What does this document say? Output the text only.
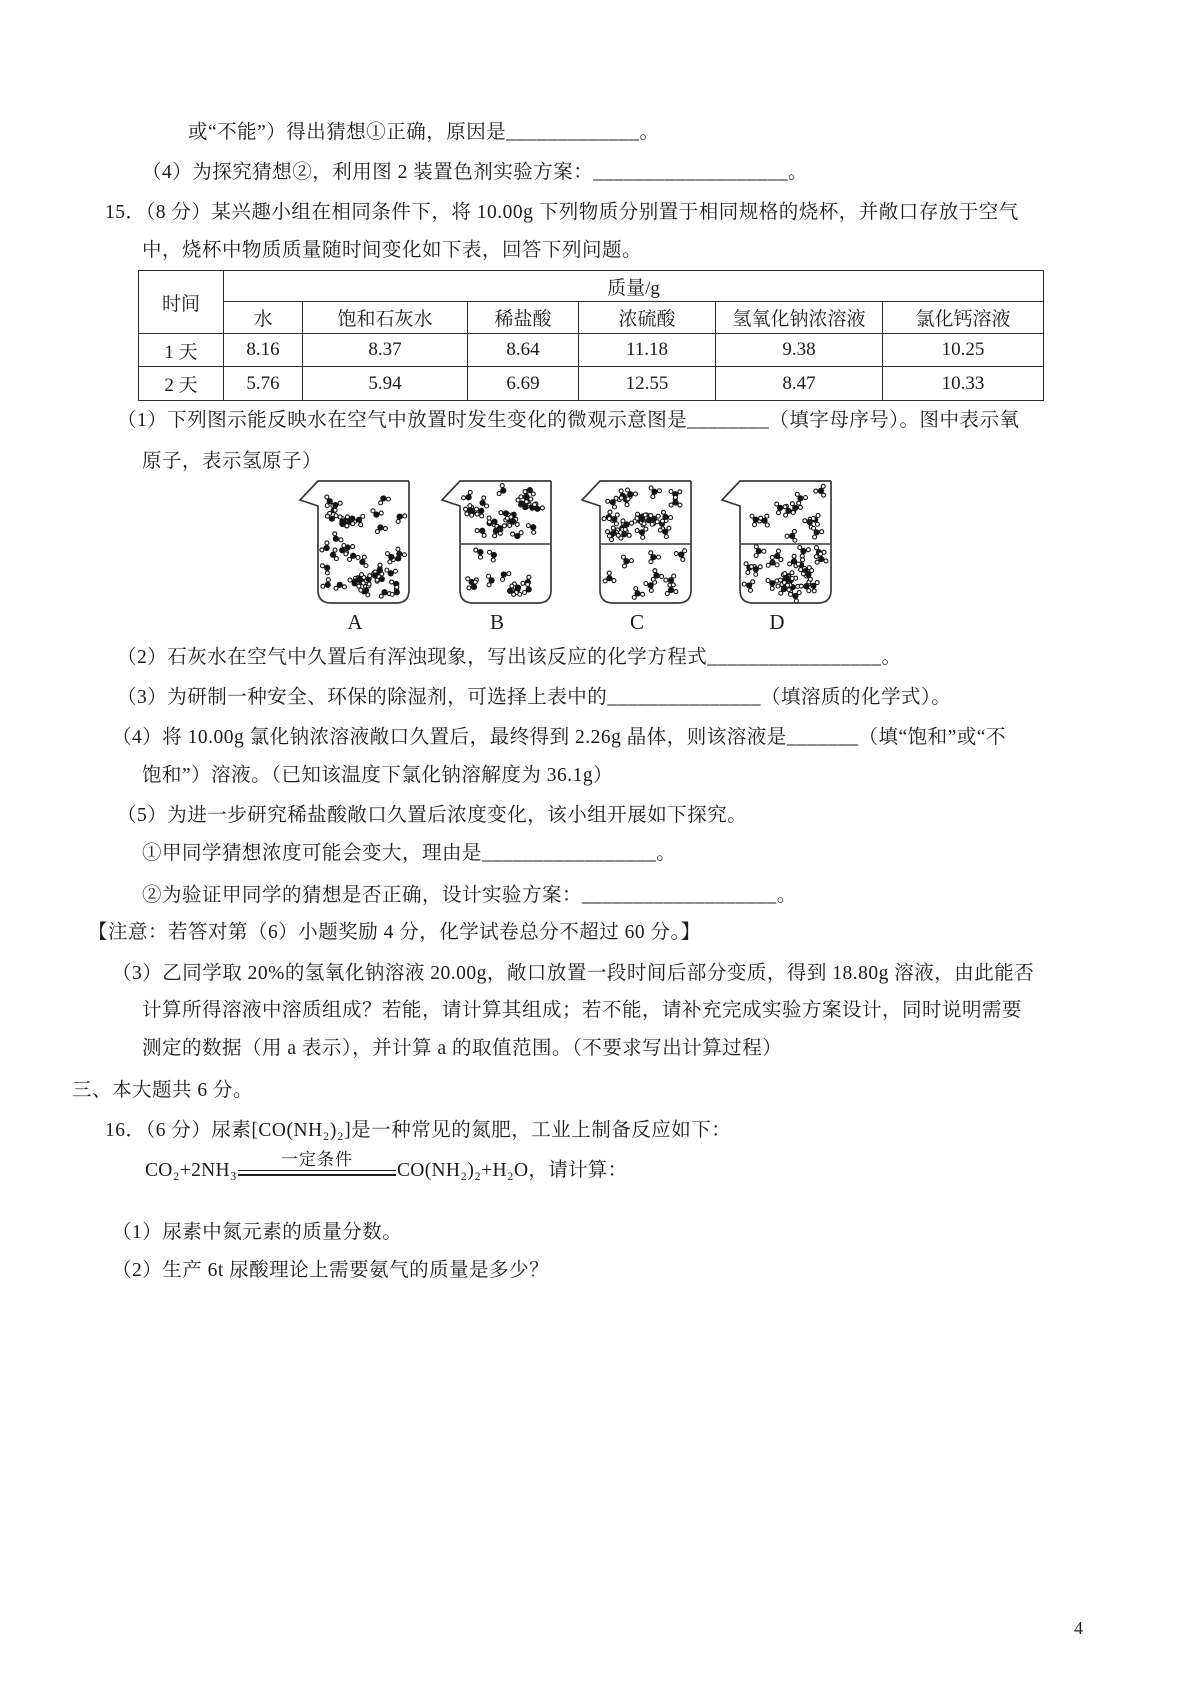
或“不能”）得出猜想①正确，原因是_____________。
（4）为探究猜想②，利用图 2 装置色剂实验方案：___________________。
15．（8 分）某兴趣小组在相同条件下，将 10.00g 下列物质分别置于相同规格的烧杯，并敞口存放于空气
中，烧杯中物质质量随时间变化如下表，回答下列问题。
时间	质量/g					
	水	饱和石灰水	稀盐酸	浓硫酸	氢氧化钠浓溶液	氯化钙溶液
1 天	8.16	8.37	8.64	11.18	9.38	10.25
2 天	5.76	5.94	6.69	12.55	8.47	10.33
（1）下列图示能反映水在空气中放置时发生变化的微观示意图是________（填字母序号）。图中表示氧
原子，表示氢原子）
A	B	C	D
（2）石灰水在空气中久置后有浑浊现象，写出该反应的化学方程式_________________。
（3）为研制一种安全、环保的除湿剂，可选择上表中的_______________（填溶质的化学式）。
（4）将 10.00g 氯化钠浓溶液敞口久置后，最终得到 2.26g 晶体，则该溶液是_______（填“饱和”或“不
饱和”）溶液。（已知该温度下氯化钠溶解度为 36.1g）
（5）为进一步研究稀盐酸敞口久置后浓度变化，该小组开展如下探究。
①甲同学猜想浓度可能会变大，理由是_________________。
②为验证甲同学的猜想是否正确，设计实验方案：___________________。
【注意：若答对第（6）小题奖励 4 分，化学试卷总分不超过 60 分。】
（3）乙同学取 20%的氢氧化钠溶液 20.00g，敞口放置一段时间后部分变质，得到 18.80g 溶液，由此能否
计算所得溶液中溶质组成？若能，请计算其组成；若不能，请补充完成实验方案设计，同时说明需要
测定的数据（用 a 表示），并计算 a 的取值范围。（不要求写出计算过程）
三、本大题共 6 分。
16．（6 分）尿素[CO(NH₂)₂]是一种常见的氮肥，工业上制备反应如下：
CO₂+2NH₃
一定条件
CO(NH₂)₂+H₂O，请计算：
（1）尿素中氮元素的质量分数。
（2）生产 6t 尿酸理论上需要氨气的质量是多少？
4
